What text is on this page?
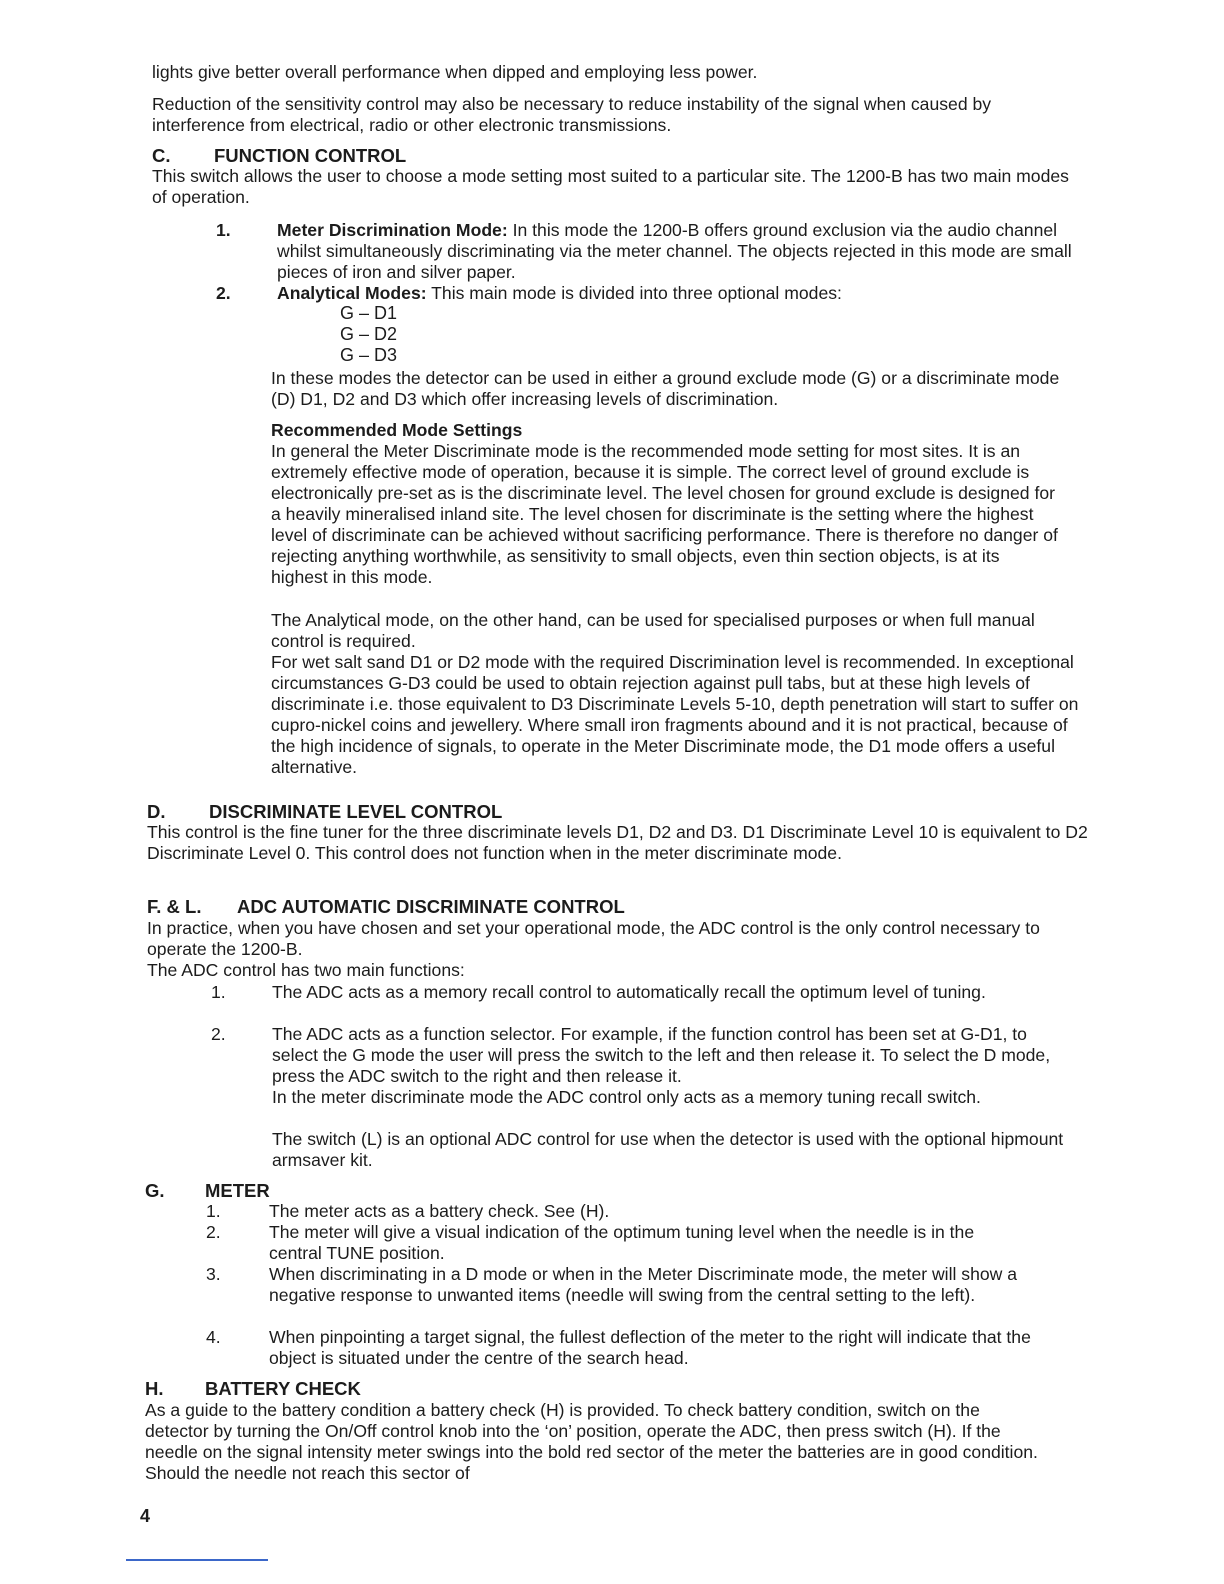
lights give better overall performance when dipped and employing less power.

Reduction of the sensitivity control may also be necessary to reduce instability of the signal when caused by interference from electrical, radio or other electronic transmissions.

C. FUNCTION CONTROL

This switch allows the user to choose a mode setting most suited to a particular site. The 1200-B has two main modes of operation.

1.	Meter Discrimination Mode: In this mode the 1200-B offers ground exclusion via the audio channel whilst simultaneously discriminating via the meter channel. The objects rejected in this mode are small pieces of iron and silver paper.

2.	Analytical Modes: This main mode is divided into three optional modes:

G – D1
G – D2
G – D3

In these modes the detector can be used in either a ground exclude mode (G) or a discriminate mode (D) D1, D2 and D3 which offer increasing levels of discrimination.

Recommended Mode Settings

In general the Meter Discriminate mode is the recommended mode setting for most sites. It is an extremely effective mode of operation, because it is simple. The correct level of ground exclude is electronically pre-set as is the discriminate level. The level chosen for ground exclude is designed for a heavily mineralised inland site. The level chosen for discriminate is the setting where the highest level of discriminate can be achieved without sacrificing performance. There is therefore no danger of rejecting anything worthwhile, as sensitivity to small objects, even thin section objects, is at its highest in this mode.

The Analytical mode, on the other hand, can be used for specialised purposes or when full manual control is required.

For wet salt sand D1 or D2 mode with the required Discrimination level is recommended. In exceptional circumstances G-D3 could be used to obtain rejection against pull tabs, but at these high levels of discriminate i.e. those equivalent to D3 Discriminate Levels 5-10, depth penetration will start to suffer on cupro-nickel coins and jewellery. Where small iron fragments abound and it is not practical, because of the high incidence of signals, to operate in the Meter Discriminate mode, the D1 mode offers a useful alternative.

D. DISCRIMINATE LEVEL CONTROL

This control is the fine tuner for the three discriminate levels D1, D2 and D3. D1 Discriminate Level 10 is equivalent to D2 Discriminate Level 0. This control does not function when in the meter discriminate mode.

F. & L. ADC AUTOMATIC DISCRIMINATE CONTROL

In practice, when you have chosen and set your operational mode, the ADC control is the only control necessary to operate the 1200-B.

The ADC control has two main functions:

1.	The ADC acts as a memory recall control to automatically recall the optimum level of tuning.

2.	The ADC acts as a function selector. For example, if the function control has been set at G-D1, to select the G mode the user will press the switch to the left and then release it. To select the D mode, press the ADC switch to the right and then release it.

In the meter discriminate mode the ADC control only acts as a memory tuning recall switch.

The switch (L) is an optional ADC control for use when the detector is used with the optional hipmount armsaver kit.

G. METER
1.	The meter acts as a battery check. See (H).

2.	The meter will give a visual indication of the optimum tuning level when the needle is in the central TUNE position.

3.	When discriminating in a D mode or when in the Meter Discriminate mode, the meter will show a negative response to unwanted items (needle will swing from the central setting to the left).

4.	When pinpointing a target signal, the fullest deflection of the meter to the right will indicate that the object is situated under the centre of the search head.

H. BATTERY CHECK

As a guide to the battery condition a battery check (H) is provided. To check battery condition, switch on the detector by turning the On/Off control knob into the ‘on’ position, operate the ADC, then press switch (H). If the needle on the signal intensity meter swings into the bold red sector of the meter the batteries are in good condition. Should the needle not reach this sector of

4
